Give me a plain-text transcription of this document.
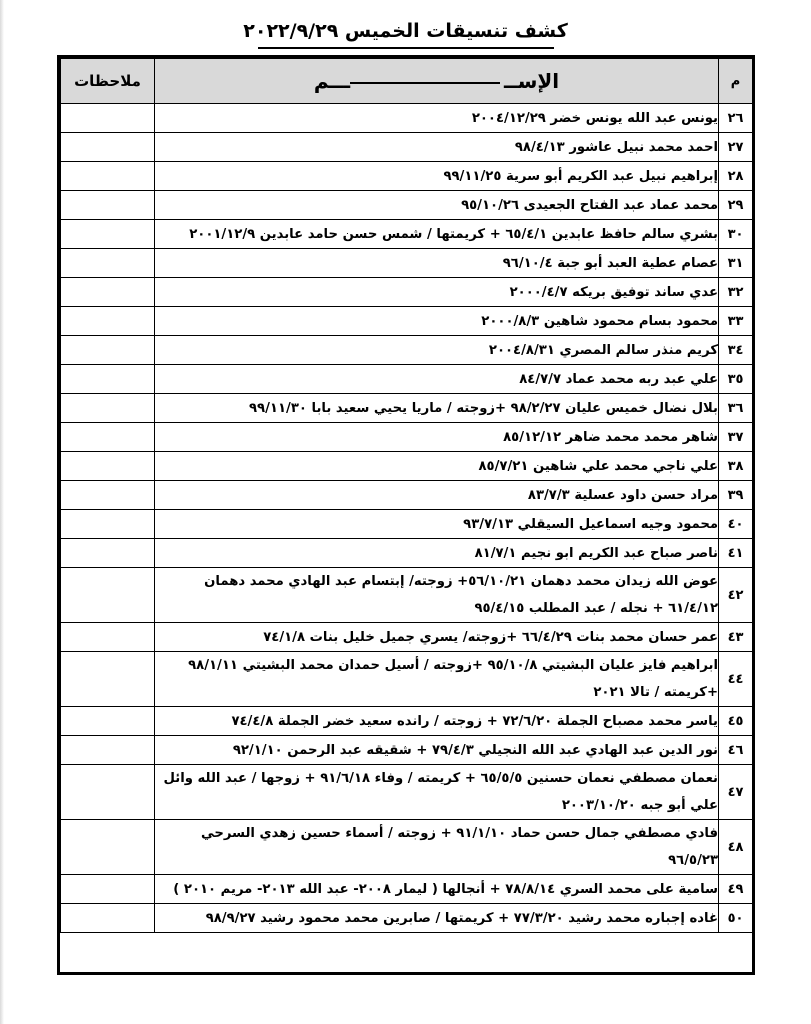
كشف تنسيقات الخميس ٢٠٢٢/٩/٢٩
م	الإســـــم	ملاحظات
٢٦	يونس عبد الله يونس خضر ٢٠٠٤/١٢/٢٩	
٢٧	احمد محمد نبيل عاشور ٩٨/٤/١٣	
٢٨	إبراهيم نبيل عبد الكريم أبو سرية ٩٩/١١/٢٥	
٢٩	محمد عماد عبد الفتاح الجعيدى ٩٥/١٠/٢٦	
٣٠	بشري سالم حافظ عابدين ٦٥/٤/١ + كريمتها / شمس حسن حامد عابدين ٢٠٠١/١٢/٩	
٣١	عصام عطية العبد أبو جبة ٩٦/١٠/٤	
٣٢	عدي ساند توفيق بريكه ٢٠٠٠/٤/٧	
٣٣	محمود بسام محمود شاهين ٢٠٠٠/٨/٣	
٣٤	كريم منذر سالم المصري ٢٠٠٤/٨/٣١	
٣٥	علي عبد ربه محمد عماد ٨٤/٧/٧	
٣٦	بلال نضال خميس عليان ٩٨/٢/٢٧ +زوجته / ماريا يحيي سعيد بابا ٩٩/١١/٣٠	
٣٧	شاهر محمد محمد ضاهر ٨٥/١٢/١٢	
٣٨	علي ناجي محمد علي شاهين ٨٥/٧/٢١	
٣٩	مراد حسن داود عسلية ٨٣/٧/٣	
٤٠	محمود وجيه اسماعيل السيقلي ٩٣/٧/١٣	
٤١	ناصر صباح عبد الكريم ابو نجيم ٨١/٧/١	
٤٢	عوض الله زيدان محمد دهمان ٥٦/١٠/٢١+ زوجته/ إبتسام عبد الهادي محمد دهمان ٦١/٤/١٢ + نجله / عبد المطلب ٩٥/٤/١٥	
٤٣	عمر حسان محمد بنات ٦٦/٤/٢٩ +زوجته/ يسري جميل خليل بنات ٧٤/١/٨	
٤٤	ابراهيم فايز عليان البشيتي ٩٥/١٠/٨ +زوجته / أسيل حمدان محمد البشيتي ٩٨/١/١١ +كريمته / تالا ٢٠٢١	
٤٥	ياسر محمد مصباح الجملة ٧٢/٦/٢٠ + زوجته / رانده سعيد خضر الجملة ٧٤/٤/٨	
٤٦	نور الدين عبد الهادي عبد الله النجيلي ٧٩/٤/٣ + شقيقه عبد الرحمن ٩٢/١/١٠	
٤٧	نعمان مصطفي نعمان حسنين ٦٥/٥/٥ + كريمته / وفاء ٩١/٦/١٨ + زوجها / عبد الله وائل علي أبو جبه ٢٠٠٣/١٠/٢٠	
٤٨	فادي مصطفي جمال حسن حماد ٩١/١/١٠ + زوجته / أسماء حسين زهدي السرحي ٩٦/٥/٢٣	
٤٩	سامية على محمد السري ٧٨/٨/١٤ + أنجالها ( ليمار ٢٠٠٨- عبد الله ٢٠١٣- مريم ٢٠١٠ )	
٥٠	غاده إجباره محمد رشيد ٧٧/٣/٢٠ + كريمتها / صابرين محمد محمود رشيد ٩٨/٩/٢٧	
